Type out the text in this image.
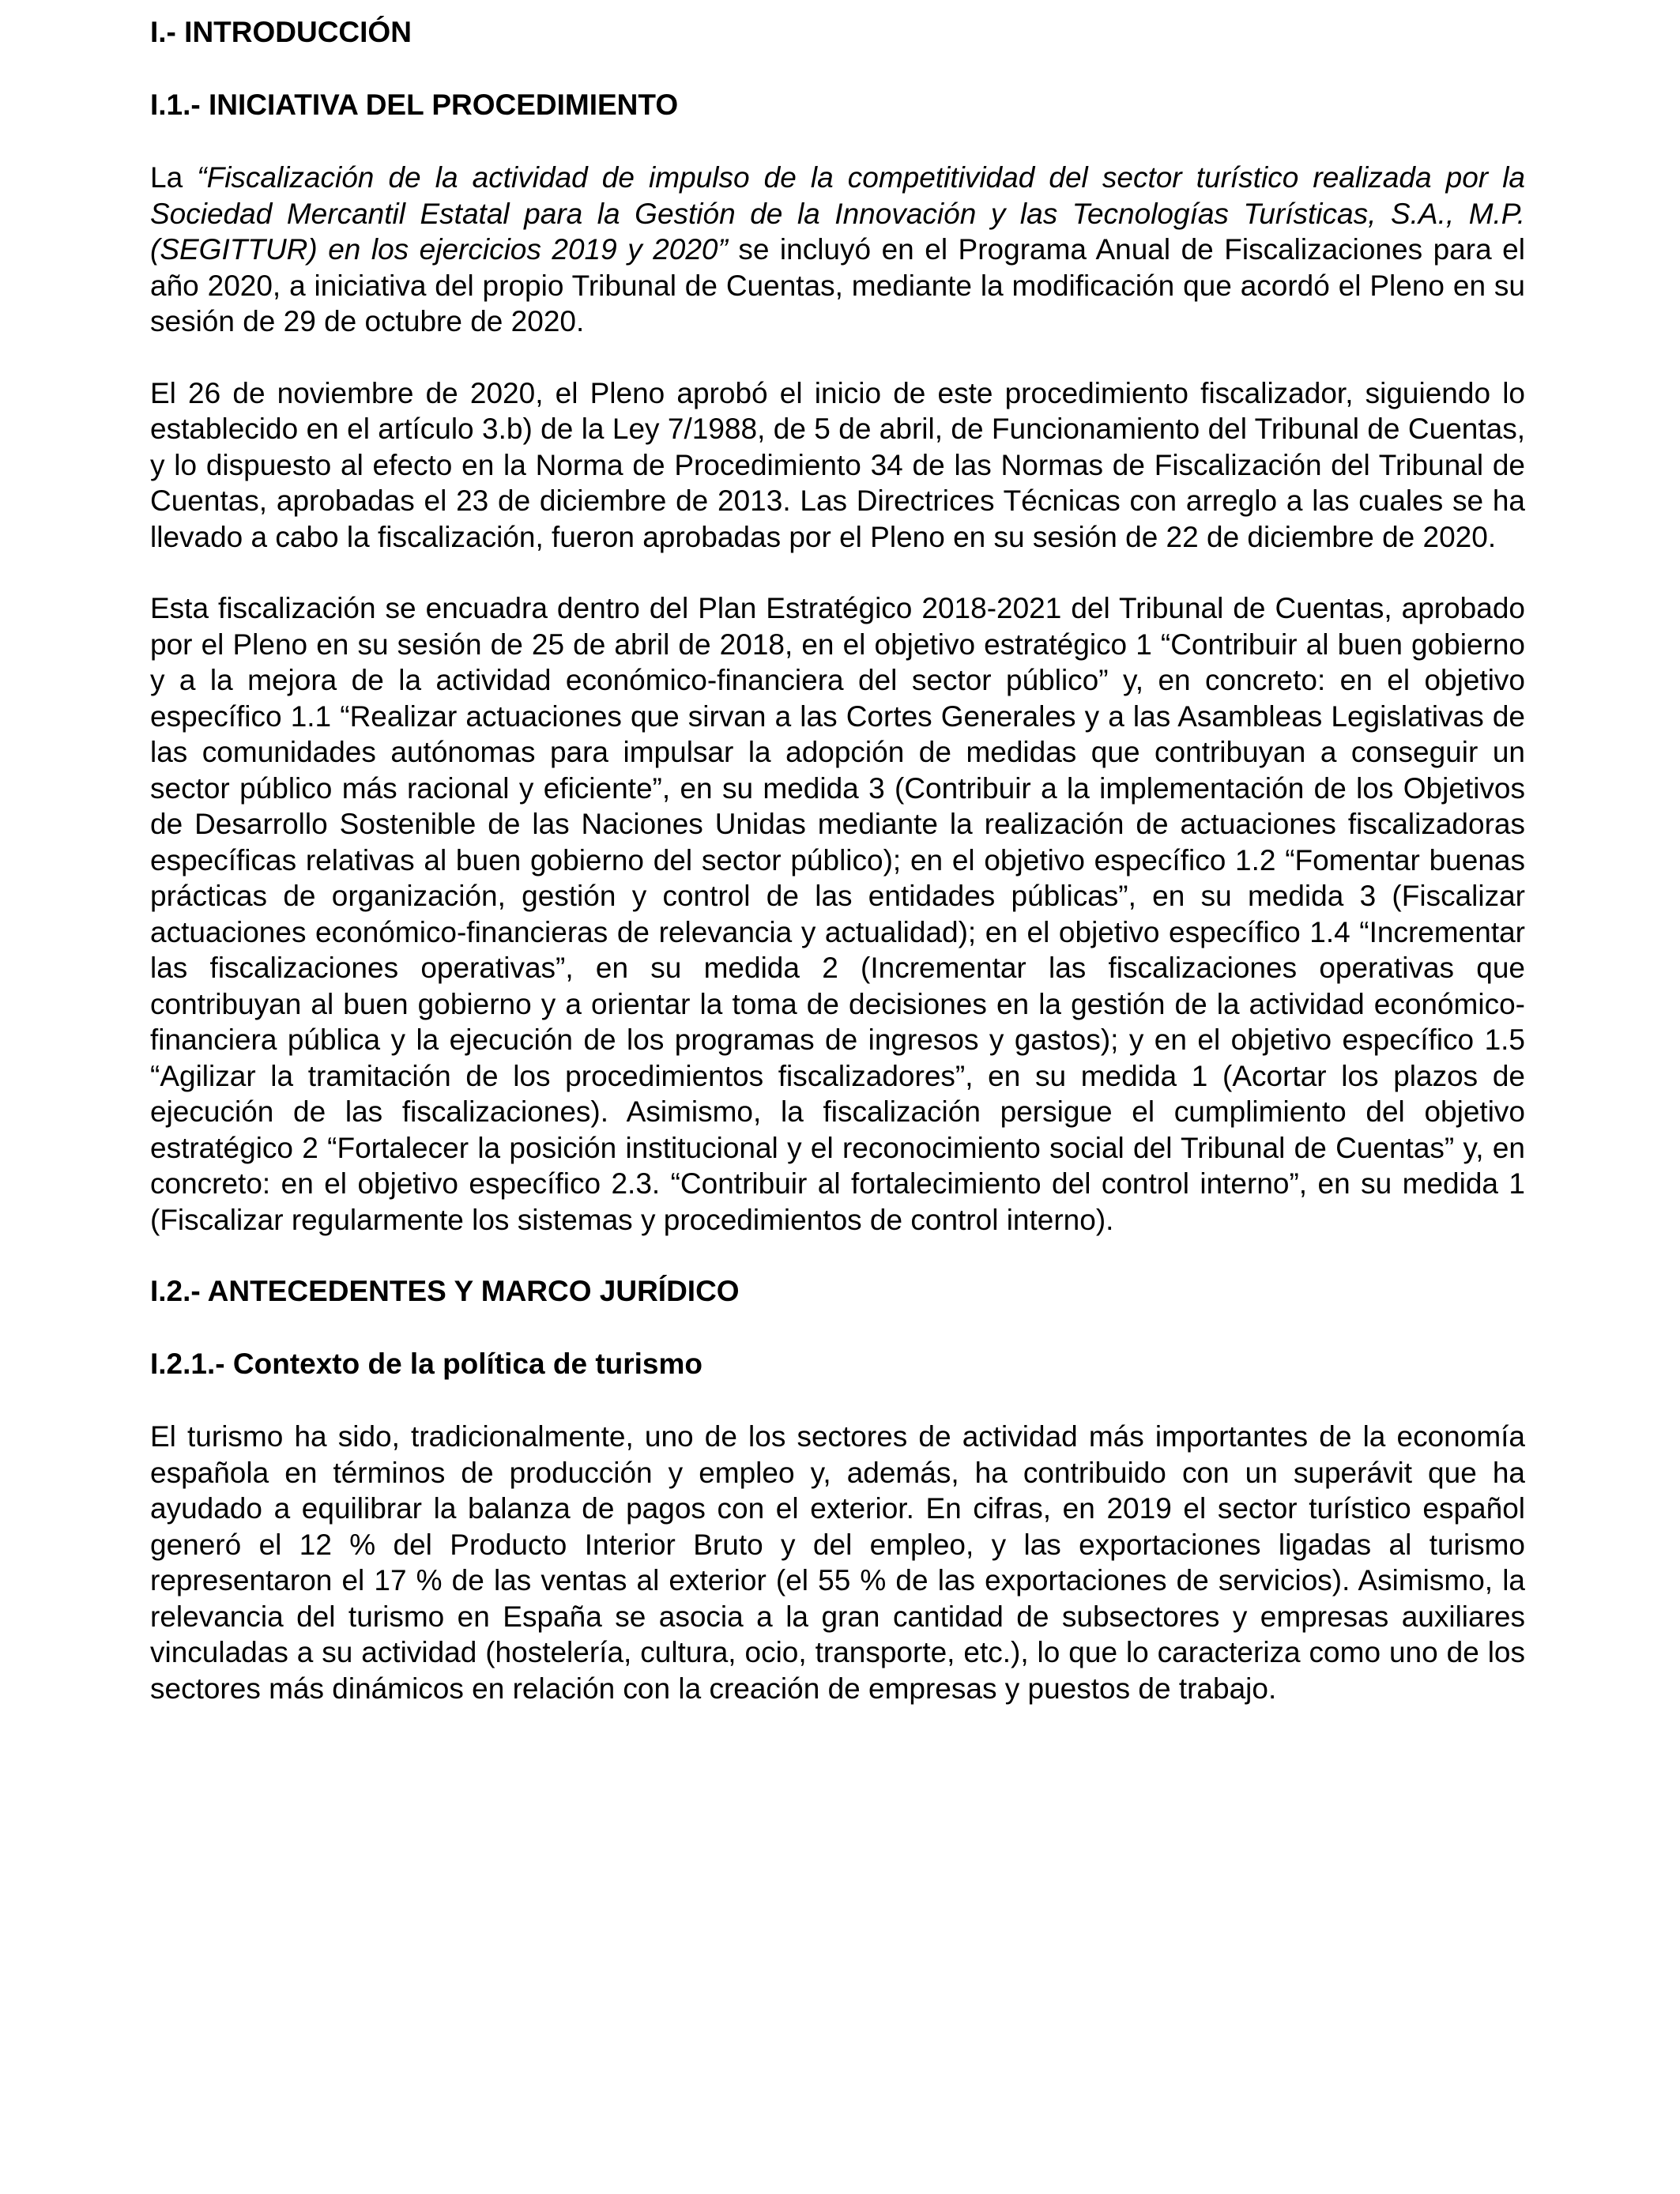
I.- INTRODUCCIÓN
I.1.- INICIATIVA DEL PROCEDIMIENTO

La “Fiscalización de la actividad de impulso de la competitividad del sector turístico realizada por la Sociedad Mercantil Estatal para la Gestión de la Innovación y las Tecnologías Turísticas, S.A., M.P. (SEGITTUR) en los ejercicios 2019 y 2020” se incluyó en el Programa Anual de Fiscalizaciones para el año 2020, a iniciativa del propio Tribunal de Cuentas, mediante la modificación que acordó el Pleno en su sesión de 29 de octubre de 2020.

El 26 de noviembre de 2020, el Pleno aprobó el inicio de este procedimiento fiscalizador, siguiendo lo establecido en el artículo 3.b) de la Ley 7/1988, de 5 de abril, de Funcionamiento del Tribunal de Cuentas, y lo dispuesto al efecto en la Norma de Procedimiento 34 de las Normas de Fiscalización del Tribunal de Cuentas, aprobadas el 23 de diciembre de 2013. Las Directrices Técnicas con arreglo a las cuales se ha llevado a cabo la fiscalización, fueron aprobadas por el Pleno en su sesión de 22 de diciembre de 2020.

Esta fiscalización se encuadra dentro del Plan Estratégico 2018-2021 del Tribunal de Cuentas, aprobado por el Pleno en su sesión de 25 de abril de 2018, en el objetivo estratégico 1 “Contribuir al buen gobierno y a la mejora de la actividad económico-financiera del sector público” y, en concreto: en el objetivo específico 1.1 “Realizar actuaciones que sirvan a las Cortes Generales y a las Asambleas Legislativas de las comunidades autónomas para impulsar la adopción de medidas que contribuyan a conseguir un sector público más racional y eficiente”, en su medida 3 (Contribuir a la implementación de los Objetivos de Desarrollo Sostenible de las Naciones Unidas mediante la realización de actuaciones fiscalizadoras específicas relativas al buen gobierno del sector público); en el objetivo específico 1.2 “Fomentar buenas prácticas de organización, gestión y control de las entidades públicas”, en su medida 3 (Fiscalizar actuaciones económico-financieras de relevancia y actualidad); en el objetivo específico 1.4 “Incrementar las fiscalizaciones operativas”, en su medida 2 (Incrementar las fiscalizaciones operativas que contribuyan al buen gobierno y a orientar la toma de decisiones en la gestión de la actividad económico-financiera pública y la ejecución de los programas de ingresos y gastos); y en el objetivo específico 1.5 “Agilizar la tramitación de los procedimientos fiscalizadores”, en su medida 1 (Acortar los plazos de ejecución de las fiscalizaciones). Asimismo, la fiscalización persigue el cumplimiento del objetivo estratégico 2 “Fortalecer la posición institucional y el reconocimiento social del Tribunal de Cuentas” y, en concreto: en el objetivo específico 2.3. “Contribuir al fortalecimiento del control interno”, en su medida 1 (Fiscalizar regularmente los sistemas y procedimientos de control interno).

I.2.- ANTECEDENTES Y MARCO JURÍDICO
I.2.1.- Contexto de la política de turismo

El turismo ha sido, tradicionalmente, uno de los sectores de actividad más importantes de la economía española en términos de producción y empleo y, además, ha contribuido con un superávit que ha ayudado a equilibrar la balanza de pagos con el exterior. En cifras, en 2019 el sector turístico español generó el 12 % del Producto Interior Bruto y del empleo, y las exportaciones ligadas al turismo representaron el 17 % de las ventas al exterior (el 55 % de las exportaciones de servicios). Asimismo, la relevancia del turismo en España se asocia a la gran cantidad de subsectores y empresas auxiliares vinculadas a su actividad (hostelería, cultura, ocio, transporte, etc.), lo que lo caracteriza como uno de los sectores más dinámicos en relación con la creación de empresas y puestos de trabajo.
